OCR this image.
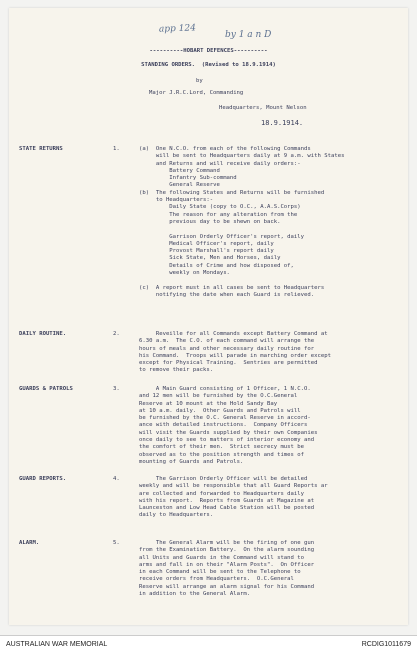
app 124
by 1 a n D
----------HOBART DEFENCES----------
STANDING ORDERS.  (Revised to 18.9.1914)
by
Major J.R.C.Lord, Commanding
Headquarters, Mount Nelson
18.9.1914.
STATE RETURNS	1.	(a)  One N.C.O. from each of the following Commands

will be sent to Headquarters daily at 9 a.m. with States

and Returns and will receive daily orders:-

Battery Command

Infantry Sub-command

General Reserve

(b)  The following States and Returns will be furnished

to Headquarters:-

Daily State (copy to O.C., A.A.S.Corps)

The reason for any alteration from the

previous day to be shewn on back.

Garrison Orderly Officer's report, daily

Medical Officer's report, daily

Provost Marshall's report daily

Sick State, Men and Horses, daily

Details of Crime and how disposed of,

weekly on Mondays.

(c)  A report must in all cases be sent to Headquarters

notifying the date when each Guard is relieved.

DAILY ROUTINE.	2.	Reveille for all Commands except Battery Command at

6.30 a.m.  The C.O. of each command will arrange the

hours of meals and other necessary daily routine for

his Command.  Troops will parade in marching order except

except for Physical Training.  Sentries are permitted

to remove their packs.

GUARDS & PATROLS	3.	A Main Guard consisting of 1 Officer, 1 N.C.O.

and 12 men will be furnished by the O.C.General

Reserve at 10 mount at the Hold Sandy Bay

at 10 a.m. daily.  Other Guards and Patrols will

be furnished by the O.C. General Reserve in accord-

ance with detailed instructions.  Company Officers

will visit the Guards supplied by their own Companies

once daily to see to matters of interior economy and

the comfort of their men.  Strict secrecy must be

observed as to the position strength and times of

mounting of Guards and Patrols.

GUARD REPORTS.	4.	The Garrison Orderly Officer will be detailed

weekly and will be responsible that all Guard Reports ar

are collected and forwarded to Headquarters daily

with his report.  Reports from Guards at Magazine at

Launceston and Low Head Cable Station will be posted

daily to Headquarters.

ALARM.	5.	The General Alarm will be the firing of one gun

from the Examination Battery.  On the alarm sounding

all Units and Guards in the Command will stand to

arms and fall in on their "Alarm Posts".  On Officer

in each Command will be sent to the Telephone to

receive orders from Headquarters.  O.C.General

Reserve will arrange an alarm signal for his Command

in addition to the General Alarm.

AUSTRALIAN WAR MEMORIAL	RCDIG1011679
